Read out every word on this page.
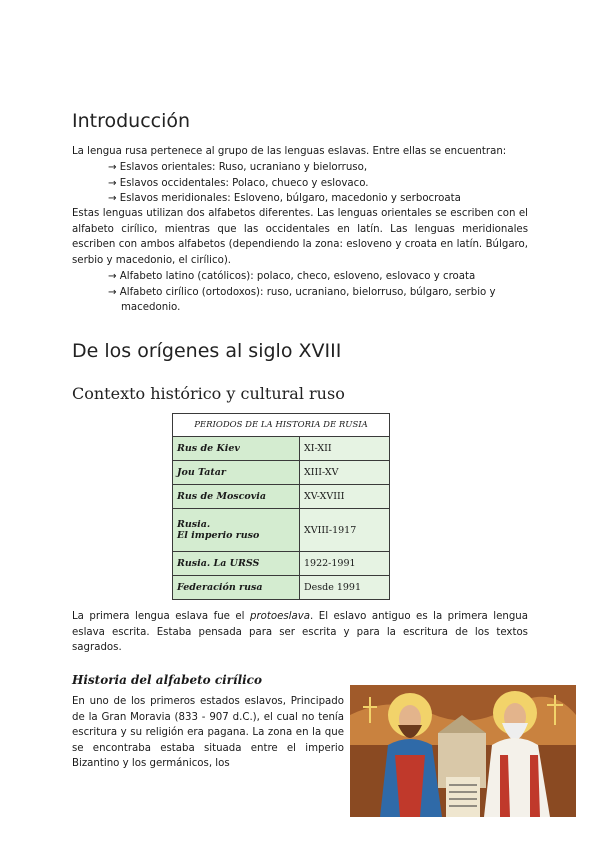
Introducción

La lengua rusa pertenece al grupo de las lenguas eslavas. Entre ellas se encuentran:

→ Eslavos orientales: Ruso, ucraniano y bielorruso,
→ Eslavos occidentales: Polaco, chueco y eslovaco.
→ Eslavos meridionales: Esloveno, búlgaro, macedonio y serbocroata

Estas lenguas utilizan dos alfabetos diferentes. Las lenguas orientales se escriben con el alfabeto cirílico, mientras que las occidentales en latín. Las lenguas meridionales escriben con ambos alfabetos (dependiendo la zona: esloveno y croata en latín. Búlgaro, serbio y macedonio, el cirílico).

→ Alfabeto latino (católicos): polaco, checo, esloveno, eslovaco y croata
→ Alfabeto cirílico (ortodoxos): ruso, ucraniano, bielorruso, búlgaro, serbio y macedonio.
De los orígenes al siglo XVIII
Contexto histórico y cultural ruso
PERIODOS DE LA HISTORIA DE RUSIA	
Rus de Kiev	XI-XII
Jou Tatar	XIII-XV
Rus de Moscovia	XV-XVIII
Rusia.
El imperio ruso	XVIII-1917
Rusia. La URSS	1922-1991
Federación rusa	Desde 1991

La primera lengua eslava fue el protoeslava. El eslavo antiguo es la primera lengua eslava escrita. Estaba pensada para ser escrita y para la escritura de los textos sagrados.

Historia del alfabeto cirílico

En uno de los primeros estados eslavos, Principado de la Gran Moravia (833 - 907 d.C.), el cual no tenía escritura y su religión era pagana. La zona en la que se encontraba estaba situada entre el imperio Bizantino y los germánicos, los
